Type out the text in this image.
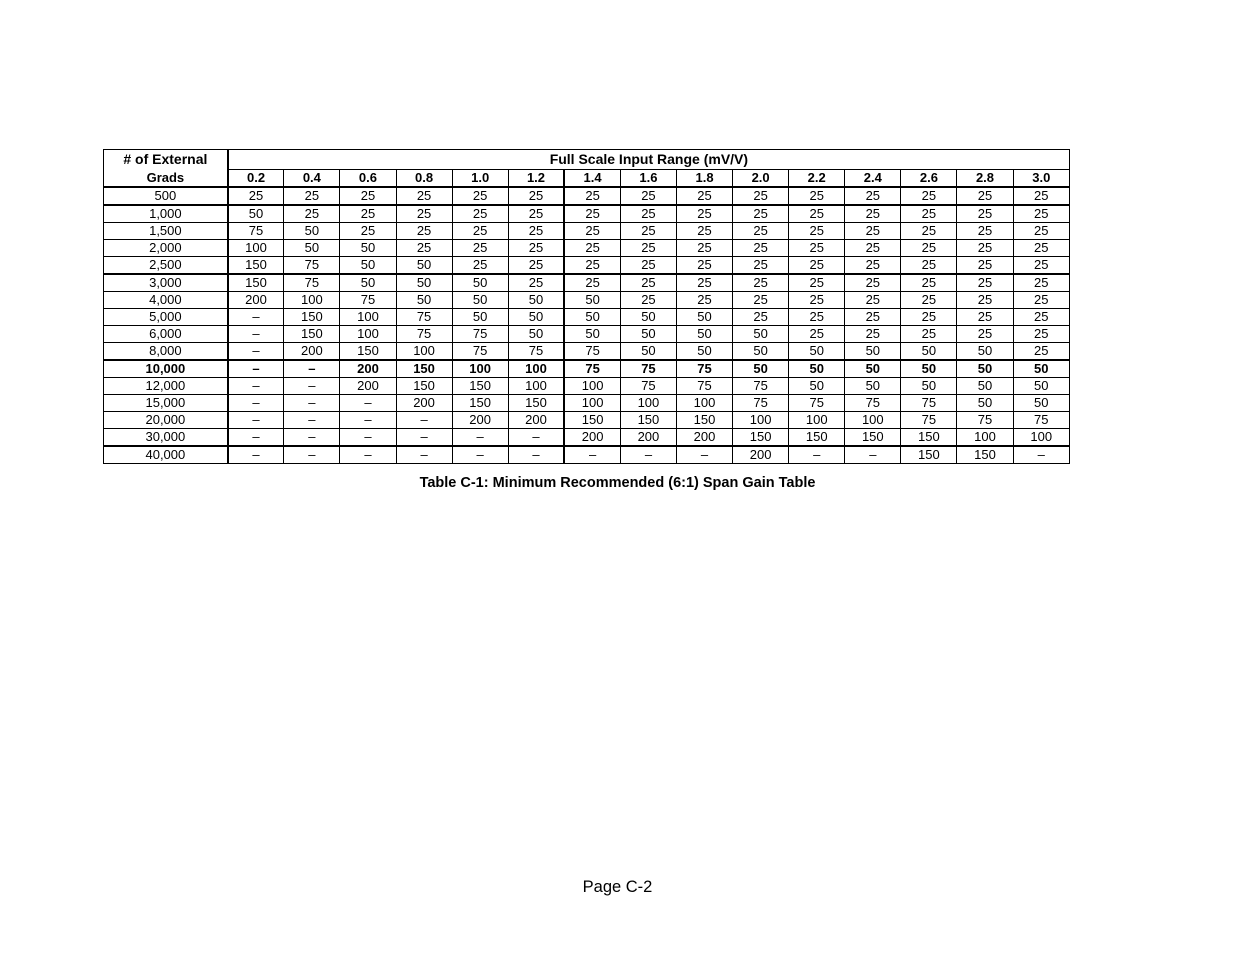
# of External	Full Scale Input Range (mV/V)														
Grads	0.2	0.4	0.6	0.8	1.0	1.2	1.4	1.6	1.8	2.0	2.2	2.4	2.6	2.8	3.0
500	25	25	25	25	25	25	25	25	25	25	25	25	25	25	25
1,000	50	25	25	25	25	25	25	25	25	25	25	25	25	25	25
1,500	75	50	25	25	25	25	25	25	25	25	25	25	25	25	25
2,000	100	50	50	25	25	25	25	25	25	25	25	25	25	25	25
2,500	150	75	50	50	25	25	25	25	25	25	25	25	25	25	25
3,000	150	75	50	50	50	25	25	25	25	25	25	25	25	25	25
4,000	200	100	75	50	50	50	50	25	25	25	25	25	25	25	25
5,000	–	150	100	75	50	50	50	50	50	25	25	25	25	25	25
6,000	–	150	100	75	75	50	50	50	50	50	25	25	25	25	25
8,000	–	200	150	100	75	75	75	50	50	50	50	50	50	50	25
10,000	–	–	200	150	100	100	75	75	75	50	50	50	50	50	50
12,000	–	–	200	150	150	100	100	75	75	75	50	50	50	50	50
15,000	–	–	–	200	150	150	100	100	100	75	75	75	75	50	50
20,000	–	–	–	–	200	200	150	150	150	100	100	100	75	75	75
30,000	–	–	–	–	–	–	200	200	200	150	150	150	150	100	100
40,000	–	–	–	–	–	–	–	–	–	200	–	–	150	150	–
Table C-1: Minimum Recommended (6:1) Span Gain Table
Page C-2
